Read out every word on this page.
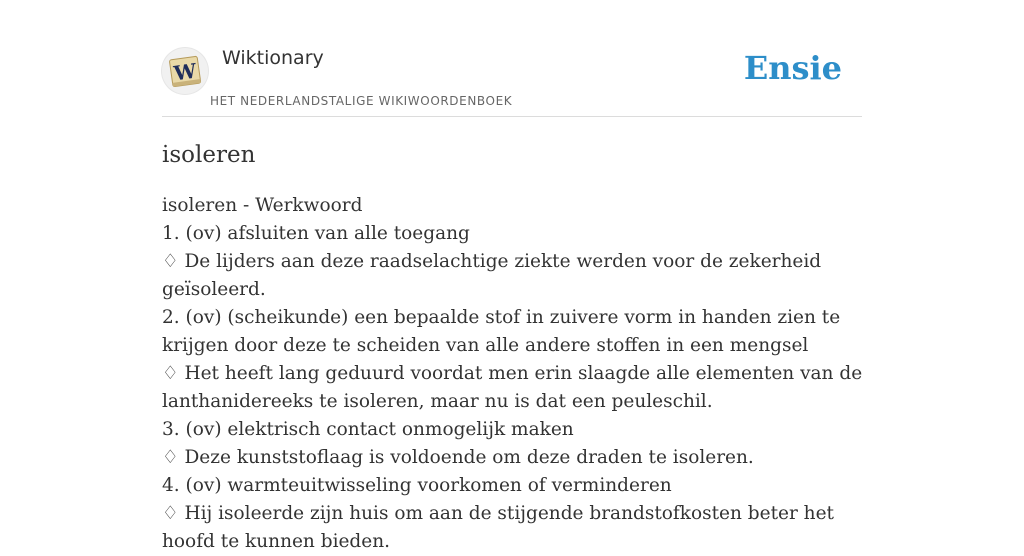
W
Wiktionary
HET NEDERLANDSTALIGE WIKIWOORDENBOEK
Ensie
isoleren
isoleren - Werkwoord
1. (ov) afsluiten van alle toegang
♢ De lijders aan deze raadselachtige ziekte werden voor de zekerheid geïsoleerd.
2. (ov) (scheikunde) een bepaalde stof in zuivere vorm in handen zien te krijgen door deze te scheiden van alle andere stoffen in een mengsel
♢ Het heeft lang geduurd voordat men erin slaagde alle elementen van de lanthanidereeks te isoleren, maar nu is dat een peuleschil.
3. (ov) elektrisch contact onmogelijk maken
♢ Deze kunststoflaag is voldoende om deze draden te isoleren.
4. (ov) warmteuitwisseling voorkomen of verminderen
♢ Hij isoleerde zijn huis om aan de stijgende brandstofkosten beter het hoofd te kunnen bieden.
